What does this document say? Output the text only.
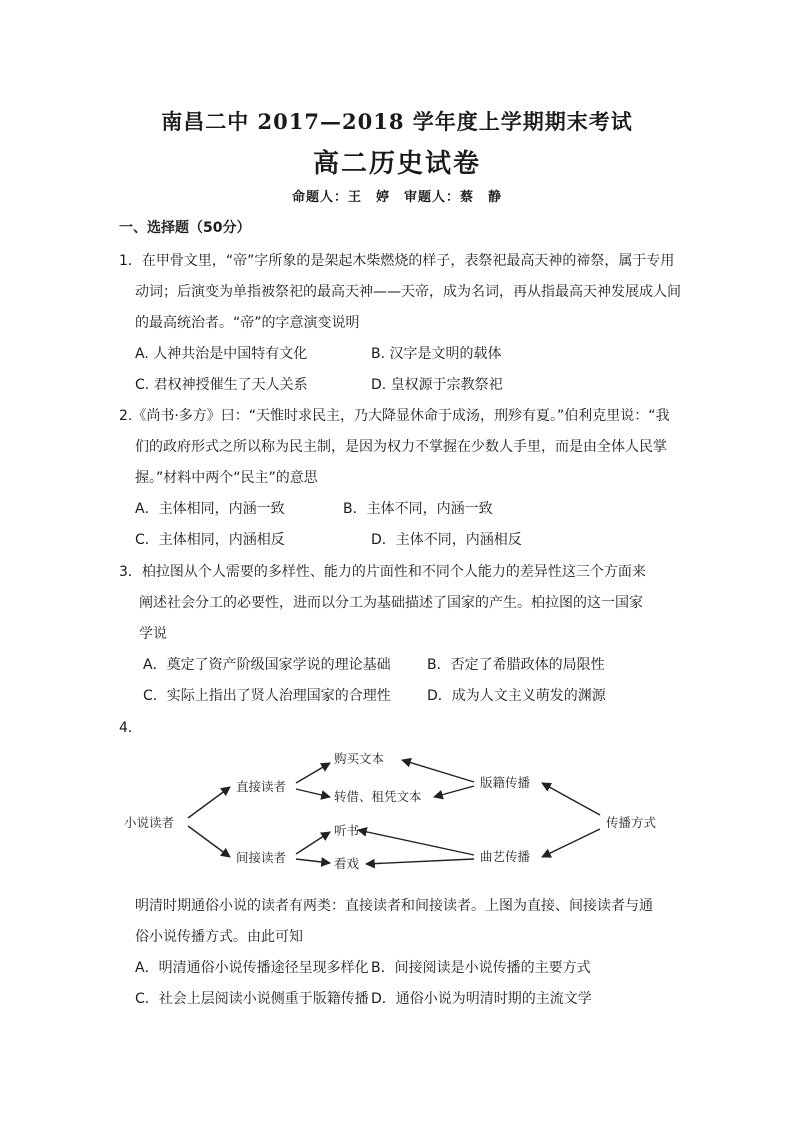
南昌二中 2017—2018 学年度上学期期末考试
高二历史试卷
命题人：王　婷　审题人：蔡　静
一、选择题（50分）
1．在甲骨文里，“帝”字所象的是架起木柴燃烧的样子，表祭祀最高天神的禘祭，属于专用
动词；后演变为单指被祭祀的最高天神——天帝，成为名词，再从指最高天神发展成人间
的最高统治者。“帝”的字意演变说明
A. 人神共治是中国特有文化	B. 汉字是文明的载体
C. 君权神授催生了天人关系	D. 皇权源于宗教祭祀
2.《尚书·多方》曰：“天惟时求民主，乃大降显休命于成汤，刑殄有夏。”伯利克里说：“我
们的政府形式之所以称为民主制，是因为权力不掌握在少数人手里，而是由全体人民掌
握。”材料中两个“民主”的意思
A．主体相同，内涵一致	B．主体不同，内涵一致
C．主体相同，内涵相反	D．主体不同，内涵相反
3．柏拉图从个人需要的多样性、能力的片面性和不同个人能力的差异性这三个方面来
阐述社会分工的必要性，进而以分工为基础描述了国家的产生。柏拉图的这一国家
学说
A．奠定了资产阶级国家学说的理论基础	B．否定了希腊政体的局限性
C．实际上指出了贤人治理国家的合理性	D．成为人文主义萌发的渊源
4．
小说读者
直接读者
间接读者
购买文本
转借、租凭文本
听书
看戏
版籍传播
曲艺传播
传播方式
明清时期通俗小说的读者有两类：直接读者和间接读者。上图为直接、间接读者与通
俗小说传播方式。由此可知
A．明清通俗小说传播途径呈现多样化 B．间接阅读是小说传播的主要方式
C．社会上层阅读小说侧重于版籍传播 D．通俗小说为明清时期的主流文学
